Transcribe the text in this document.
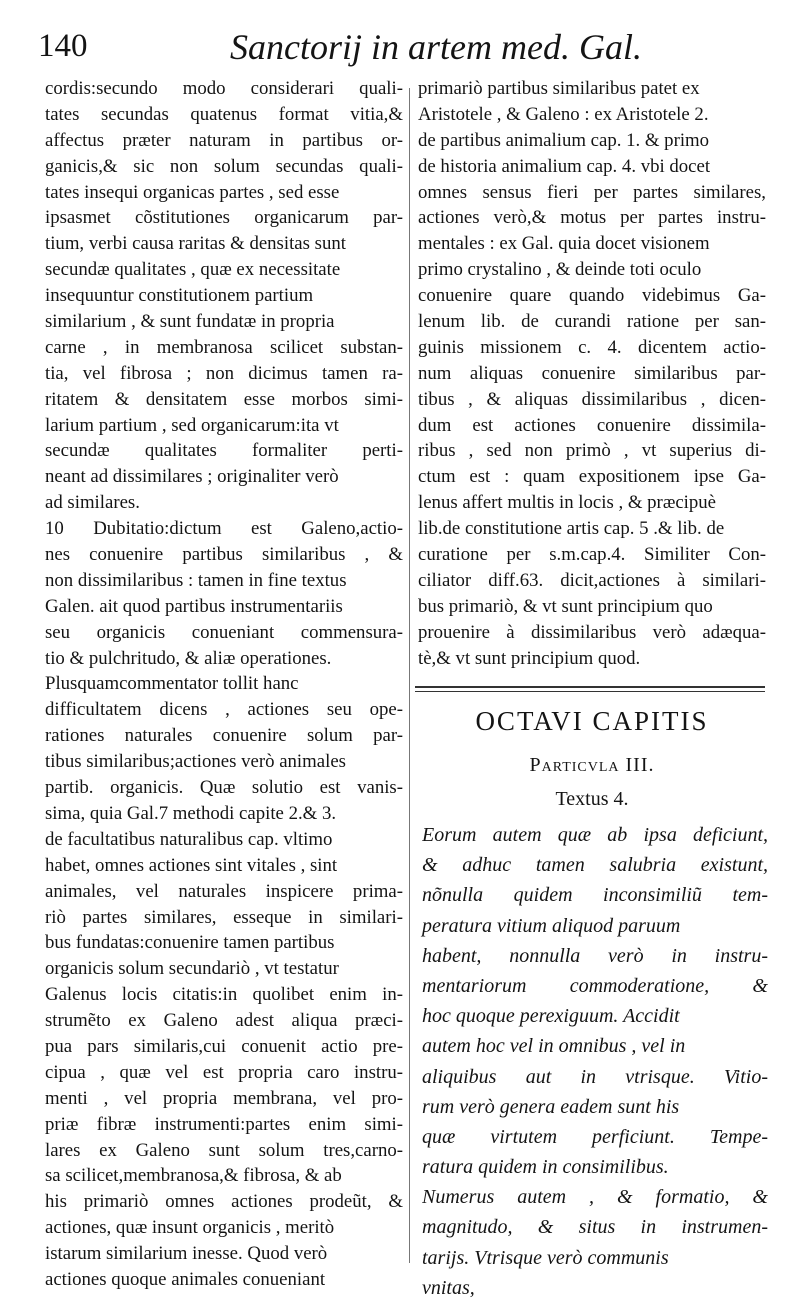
140	Sanctorij in artem med. Gal.
cordis:secundo modo considerari quali-
tates secundas quatenus format vitia,&
affectus præter naturam in partibus or-
ganicis,& sic non solum secundas quali-
tates insequi organicas partes , sed esse
ipsasmet cõstitutiones organicarum par-
tium, verbi causa raritas & densitas sunt
secundæ qualitates , quæ ex necessitate
insequuntur constitutionem partium
similarium , & sunt fundatæ in propria
carne , in membranosa scilicet substan-
tia, vel fibrosa ; non dicimus tamen ra-
ritatem & densitatem esse morbos simi-
larium partium , sed organicarum:ita vt
secundæ qualitates formaliter perti-
neant ad dissimilares ; originaliter verò
ad similares.
10 Dubitatio:dictum est Galeno,actio-
nes conuenire partibus similaribus , &
non dissimilaribus : tamen in fine textus
Galen. ait quod partibus instrumentariis
seu organicis conueniant commensura-
tio & pulchritudo, & aliæ operationes.
Plusquamcommentator tollit hanc
difficultatem dicens , actiones seu ope-
rationes naturales conuenire solum par-
tibus similaribus;actiones verò animales
partib. organicis. Quæ solutio est vanis-
sima, quia Gal.7 methodi capite 2.& 3.
de facultatibus naturalibus cap. vltimo
habet, omnes actiones sint vitales , sint
animales, vel naturales inspicere prima-
riò partes similares, esseque in similari-
bus fundatas:conuenire tamen partibus
organicis solum secundariò , vt testatur
Galenus locis citatis:in quolibet enim in-
strumẽto ex Galeno adest aliqua præci-
pua pars similaris,cui conuenit actio pre-
cipua , quæ vel est propria caro instru-
menti , vel propria membrana, vel pro-
priæ fibræ instrumenti:partes enim simi-
lares ex Galeno sunt solum tres,carno-
sa scilicet,membranosa,& fibrosa, & ab
his primariò omnes actiones prodeũt, &
actiones, quæ insunt organicis , meritò
istarum similarium inesse. Quod verò
actiones quoque animales conueniant
primariò partibus similaribus patet ex
Aristotele , & Galeno : ex Aristotele 2.
de partibus animalium cap. 1. & primo
de historia animalium cap. 4. vbi docet
omnes sensus fieri per partes similares,
actiones verò,& motus per partes instru-
mentales : ex Gal. quia docet visionem
primo crystalino , & deinde toti oculo
conuenire quare quando videbimus Ga-
lenum lib. de curandi ratione per san-
guinis missionem c. 4. dicentem actio-
num aliquas conuenire similaribus par-
tibus , & aliquas dissimilaribus , dicen-
dum est actiones conuenire dissimila-
ribus , sed non primò , vt superius di-
ctum est : quam expositionem ipse Ga-
lenus affert multis in locis , & præcipuè
lib.de constitutione artis cap. 5 .& lib. de
curatione per s.m.cap.4. Similiter Con-
ciliator diff.63. dicit,actiones à similari-
bus primariò, & vt sunt principium quo
prouenire à dissimilaribus verò adæqua-
tè,& vt sunt principium quod.
OCTAVI CAPITIS
Particvla III.
Textus 4.
Eorum autem quæ ab ipsa deficiunt,
& adhuc tamen salubria existunt,
nõnulla quidem inconsimiliũ tem-
peratura vitium aliquod paruum
habent, nonnulla verò in instru-
mentariorum commoderatione, &
hoc quoque perexiguum. Accidit
autem hoc vel in omnibus , vel in
aliquibus aut in vtrisque. Vitio-
rum verò genera eadem sunt his
quæ virtutem perficiunt. Tempe-
ratura quidem in consimilibus.
Numerus autem , & formatio, &
magnitudo, & situs in instrumen-
tarijs. Vtrisque verò communis
vnitas,
